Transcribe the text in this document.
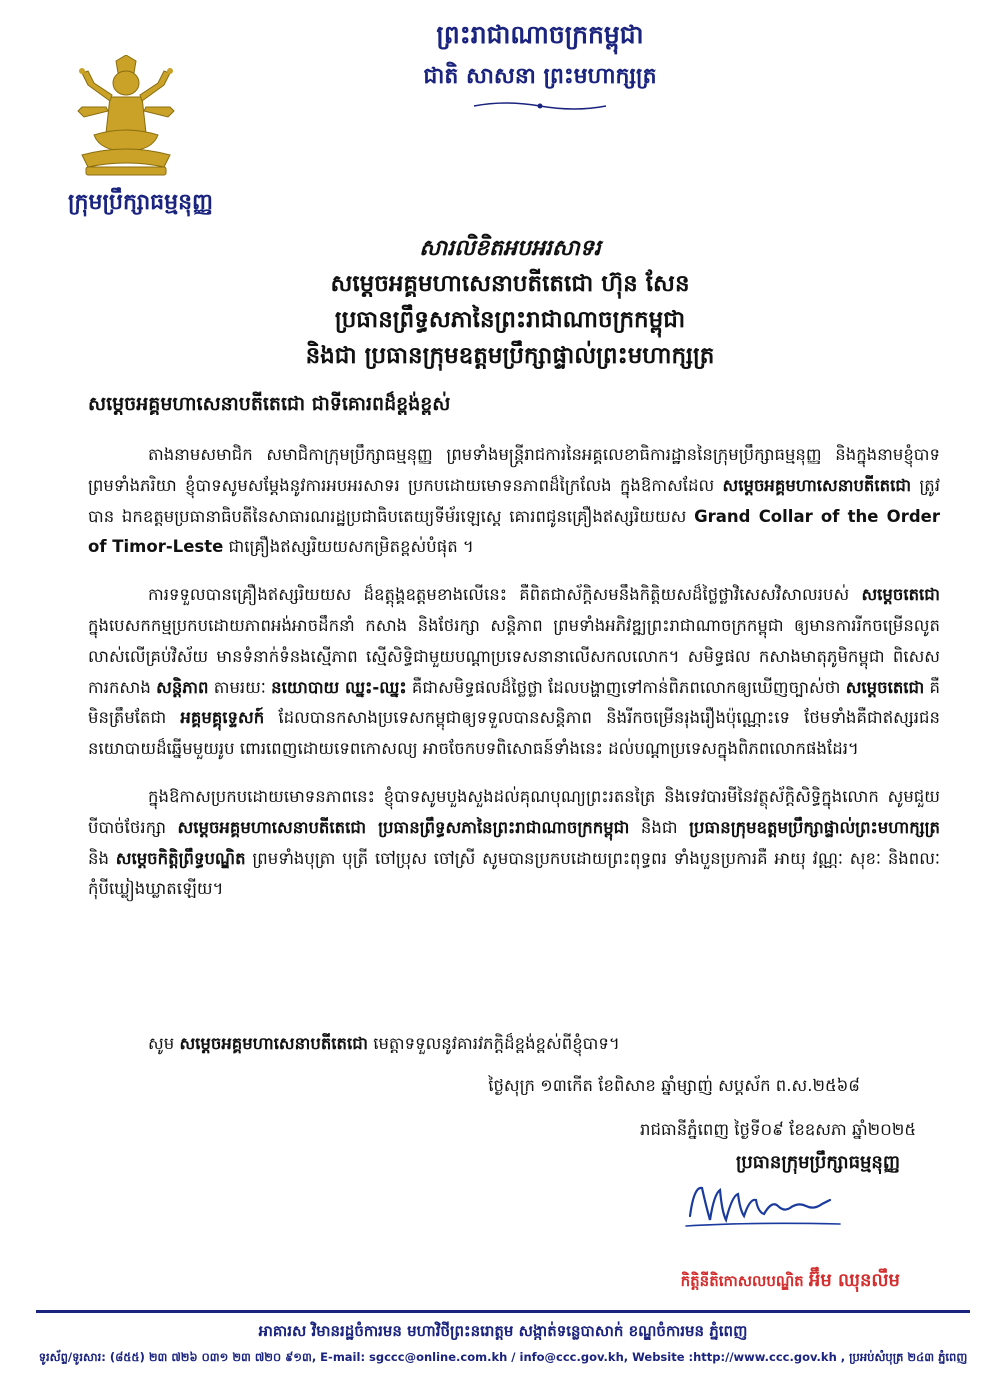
ក្រុមប្រឹក្សាធម្មនុញ្ញ
ព្រះរាជាណាចក្រកម្ពុជា
ជាតិ សាសនា ព្រះមហាក្សត្រ
សារលិខិតអបអរសាទរ
សម្តេចអគ្គមហាសេនាបតីតេជោ ហ៊ុន សែន
ប្រធានព្រឹទ្ធសភានៃព្រះរាជាណាចក្រកម្ពុជា
និងជា ប្រធានក្រុមឧត្តមប្រឹក្សាផ្ទាល់ព្រះមហាក្សត្រ
សម្តេចអគ្គមហាសេនាបតីតេជោ ជាទីគោរពដ៏ខ្ពង់ខ្ពស់

តាងនាមសមាជិក សមាជិកាក្រុមប្រឹក្សាធម្មនុញ្ញ ព្រមទាំងមន្ត្រីរាជការនៃអគ្គលេខាធិការដ្ឋាននៃក្រុមប្រឹក្សាធម្មនុញ្ញ និងក្នុងនាមខ្ញុំបាទព្រមទាំងភរិយា ខ្ញុំបាទសូមសម្តែងនូវការអបអរសាទរ ប្រកបដោយមោទនភាពដ៏ក្រៃលែង ក្នុងឱកាសដែល សម្តេចអគ្គមហាសេនាបតីតេជោ ត្រូវបាន ឯកឧត្តមប្រធានាធិបតីនៃសាធារណរដ្ឋប្រជាធិបតេយ្យទីម័រឡេស្តេ គោរពជូនគ្រឿងឥស្សរិយយស Grand Collar of the Order of Timor-Leste ជាគ្រឿងឥស្សរិយយសកម្រិតខ្ពស់បំផុត ។

ការទទួលបានគ្រឿងឥស្សរិយយស ដ៏ឧត្តុង្គឧត្តមខាងលើនេះ គឺពិតជាស័ក្តិសមនឹងកិត្តិយសដ៏ថ្លៃថ្លាវិសេសវិសាលរបស់ សម្តេចតេជោ ក្នុងបេសកកម្មប្រកបដោយភាពអង់អាចដឹកនាំ កសាង និងថែរក្សា សន្តិភាព ព្រមទាំងអភិវឌ្ឍព្រះរាជាណាចក្រកម្ពុជា ឲ្យមានការរីកចម្រើនលូតលាស់លើគ្រប់វិស័យ មានទំនាក់ទំនងស្មើភាព ស្មើសិទ្ធិជាមួយបណ្តាប្រទេសនានាលើសកលលោក។ សមិទ្ធផល កសាងមាតុភូមិកម្ពុជា ពិសេសការកសាង សន្តិភាព តាមរយៈ នយោបាយ ឈ្នះ-ឈ្នះ គឺជាសមិទ្ធផលដ៏ថ្លៃថ្លា ដែលបង្ហាញទៅកាន់ពិភពលោកឲ្យឃើញច្បាស់ថា សម្តេចតេជោ គឺមិនត្រឹមតែជា អគ្គមគ្គុទ្ទេសក៍ ដែលបានកសាងប្រទេសកម្ពុជាឲ្យទទួលបានសន្តិភាព និងរីកចម្រើនរុងរឿងប៉ុណ្ណោះទេ ថែមទាំងគឺជាឥស្សរជននយោបាយដ៏ឆ្នើមមួយរូប ពោរពេញដោយទេពកោសល្យ អាចចែកបទពិសោធន៍ទាំងនេះ ដល់បណ្តាប្រទេសក្នុងពិភពលោកផងដែរ។

ក្នុងឱកាសប្រកបដោយមោទនភាពនេះ ខ្ញុំបាទសូមបួងសួងដល់គុណបុណ្យព្រះរតនត្រៃ និងទេវបារមីនៃវត្ថុស័ក្តិសិទ្ធិក្នុងលោក សូមជួយបីបាច់ថែរក្សា សម្តេចអគ្គមហាសេនាបតីតេជោ ប្រធានព្រឹទ្ធសភានៃព្រះរាជាណាចក្រកម្ពុជា និងជា ប្រធានក្រុមឧត្តមប្រឹក្សាផ្ទាល់ព្រះមហាក្សត្រ និង សម្តេចកិត្តិព្រឹទ្ធបណ្ឌិត ព្រមទាំងបុត្រា បុត្រី ចៅប្រុស ចៅស្រី សូមបានប្រកបដោយព្រះពុទ្ធពរ ទាំងបួនប្រការគឺ អាយុ វណ្ណៈ សុខៈ និងពលៈ កុំបីឃ្លៀងឃ្លាតឡើយ។

សូម សម្តេចអគ្គមហាសេនាបតីតេជោ មេត្តាទទួលនូវគារវភក្តិដ៏ខ្ពង់ខ្ពស់ពីខ្ញុំបាទ។
ថ្ងៃសុក្រ ១៣កើត ខែពិសាខ ឆ្នាំម្សាញ់ សប្តស័ក ព.ស.២៥៦៨
រាជធានីភ្នំពេញ ថ្ងៃទី០៩ ខែឧសភា ឆ្នាំ២០២៥
ប្រធានក្រុមប្រឹក្សាធម្មនុញ្ញ
កិត្តិនីតិកោសលបណ្ឌិត អ៊ឹម ឈុនលឹម
អាគារស វិមានរដ្ឋចំការមន មហាវិថីព្រះនរោត្តម សង្កាត់ទន្លេបាសាក់ ខណ្ឌចំការមន ភ្នំពេញ
ទូរស័ព្ទ/ទូរសារ: (៨៥៥) ២៣ ៧២៦ ០៣១ ២៣ ៧២០ ៩១៣, E-mail: sgccc@online.com.kh / info@ccc.gov.kh, Website :http://www.ccc.gov.kh , ប្រអប់សំបុត្រ ២៤៣ ភ្នំពេញ
